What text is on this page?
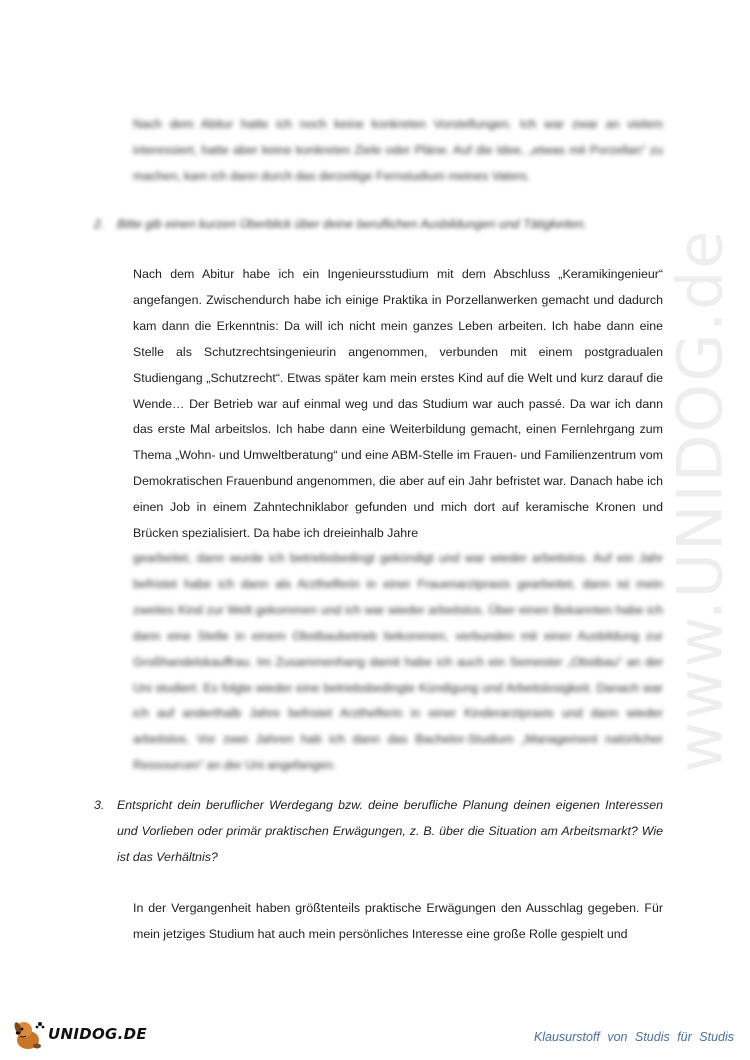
www.UNIDOG.de

Nach dem Abitur hatte ich noch keine konkreten Vorstellungen. Ich war zwar an vielem interessiert, hatte aber keine konkreten Ziele oder Pläne. Auf die Idee, „etwas mit Porzellan“ zu machen, kam ich dann durch das derzeitige Fernstudium meines Vaters.

2. Bitte gib einen kurzen Überblick über deine beruflichen Ausbildungen und Tätigkeiten.

Nach dem Abitur habe ich ein Ingenieursstudium mit dem Abschluss „Keramikingenieur“ angefangen. Zwischendurch habe ich einige Praktika in Porzellanwerken gemacht und dadurch kam dann die Erkenntnis: Da will ich nicht mein ganzes Leben arbeiten. Ich habe dann eine Stelle als Schutzrechtsingenieurin angenommen, verbunden mit einem postgradualen Studiengang „Schutzrecht“. Etwas später kam mein erstes Kind auf die Welt und kurz darauf die Wende… Der Betrieb war auf einmal weg und das Studium war auch passé. Da war ich dann das erste Mal arbeitslos. Ich habe dann eine Weiterbildung gemacht, einen Fernlehrgang zum Thema „Wohn- und Umweltberatung“ und eine ABM-Stelle im Frauen- und Familienzentrum vom Demokratischen Frauenbund angenommen, die aber auf ein Jahr befristet war. Danach habe ich einen Job in einem Zahntechniklabor gefunden und mich dort auf keramische Kronen und Brücken spezialisiert. Da habe ich dreieinhalb Jahre

gearbeitet, dann wurde ich betriebsbedingt gekündigt und war wieder arbeitslos. Auf ein Jahr befristet habe ich dann als Arzthelferin in einer Frauenarztpraxis gearbeitet, dann ist mein zweites Kind zur Welt gekommen und ich war wieder arbeitslos. Über einen Bekannten habe ich dann eine Stelle in einem Obstbaubetrieb bekommen, verbunden mit einer Ausbildung zur Großhandelskauffrau. Im Zusammenhang damit habe ich auch ein Semester „Obstbau“ an der Uni studiert. Es folgte wieder eine betriebsbedingte Kündigung und Arbeitslosigkeit. Danach war ich auf anderthalb Jahre befristet Arzthelferin in einer Kinderarztpraxis und dann wieder arbeitslos. Vor zwei Jahren hab ich dann das Bachelor-Studium „Management natürlicher Ressourcen“ an der Uni angefangen.

3. Entspricht dein beruflicher Werdegang bzw. deine berufliche Planung deinen eigenen Interessen und Vorlieben oder primär praktischen Erwägungen, z. B. über die Situation am Arbeitsmarkt? Wie ist das Verhältnis?

In der Vergangenheit haben größtenteils praktische Erwägungen den Ausschlag gegeben. Für mein jetziges Studium hat auch mein persönliches Interesse eine große Rolle gespielt und

UNIDOG.DE	Klausurstoff von Studis für Studis
